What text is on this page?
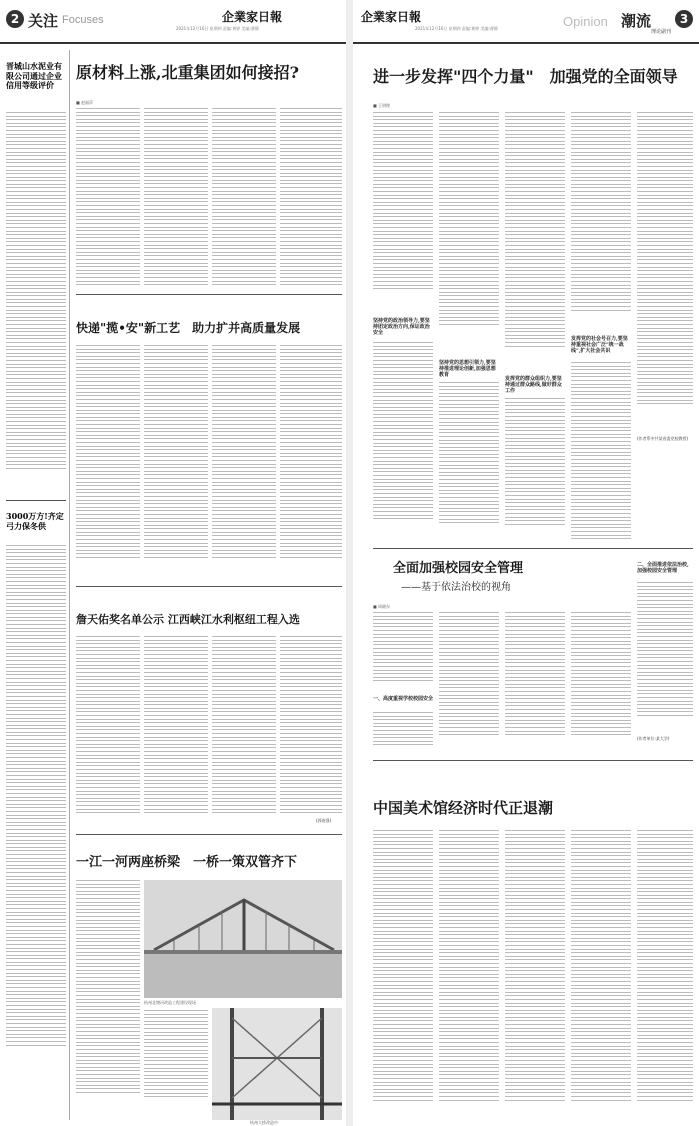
2 关注 Focuses	企業家日報
2021年12月16日 星期四 责编:黄婷 美编:曹静
晋城山水泥业有限公司通过企业信用等级评价
3000万方!齐定弓力保冬供
原材料上涨,北重集团如何接招?
■ 赵丽萍
快递"揽•安"新工艺　助力扩并高质量发展
詹天佑奖名单公示 江西峡江水利枢纽工程入选
(郭连强)
一江一河两座桥梁　一桥一策双管齐下
杭州北塘河改造工程建设现场
杭州大桥改造中
企業家日報
2021年12月16日 星期四 责编:黄婷 美编:曹静	Opinion 潮流
理论副刊
3
进一步发挥"四个力量"　加强党的全面领导
■ 王明理
坚持党的政治领导力,要坚持团定政治方向,保证政治安全
坚持党的思想引领力,要坚持推进理论创新,加强思想教育
发挥党的群众组织力,要坚持通过群众路线,做好群众工作
发挥党的社会号召力,要坚持重视社会广泛"统一战线",扩大社会共识
(作者系中共某省委党校教授)
全面加强校园安全管理
——基于依法治校的视角
■ 周晓东
一、高度重视学校校园安全
二、全面推进依法治校,加强校园安全管理
(作者单位:某大学)
中国美术馆经济时代正退潮
